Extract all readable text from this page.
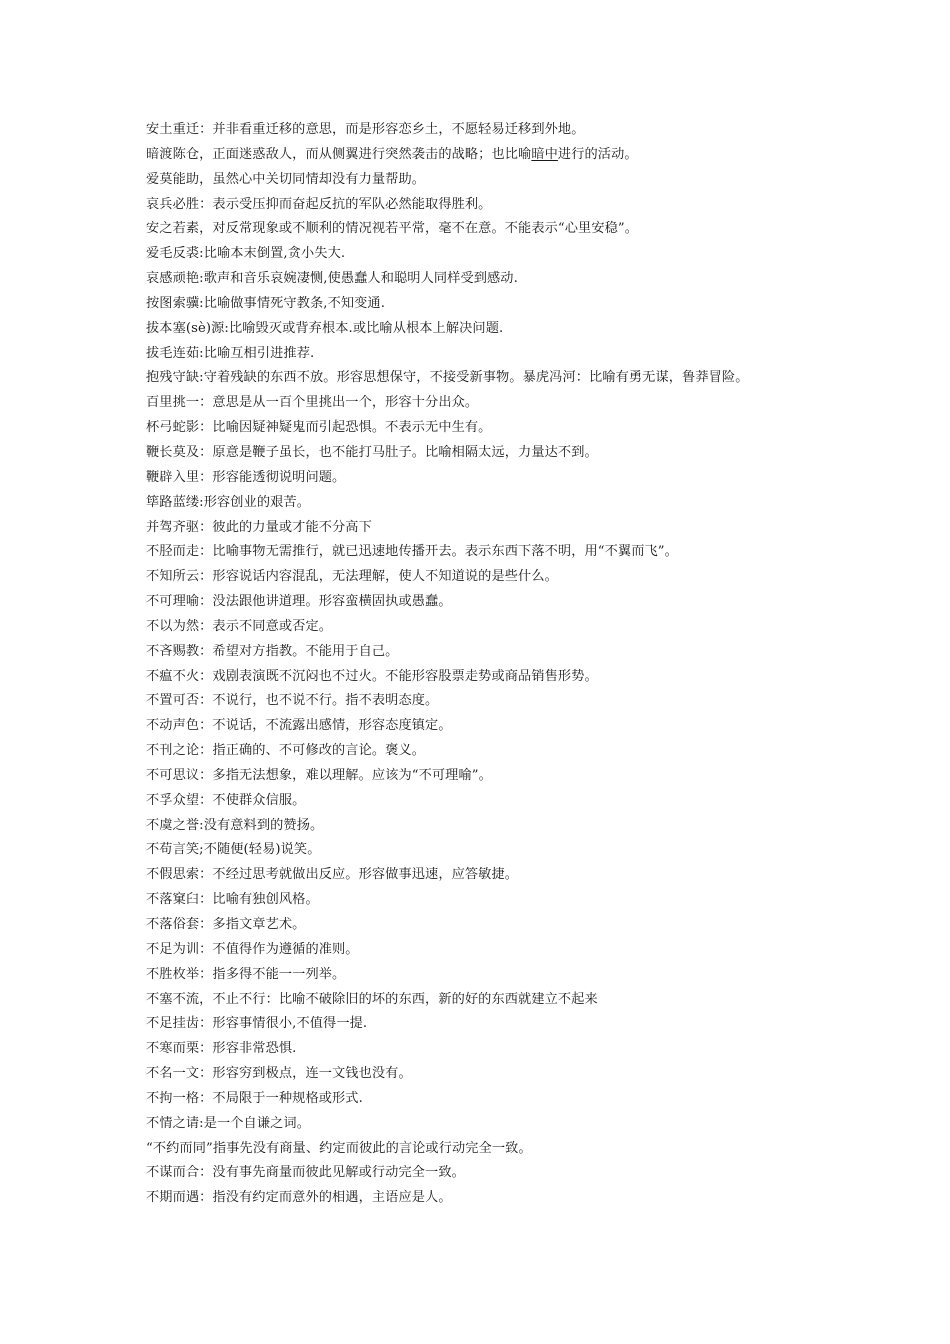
安土重迁：并非看重迁移的意思，而是形容恋乡土，不愿轻易迁移到外地。
暗渡陈仓，正面迷惑敌人，而从侧翼进行突然袭击的战略；也比喻暗中进行的活动。
爱莫能助，虽然心中关切同情却没有力量帮助。
哀兵必胜：表示受压抑而奋起反抗的军队必然能取得胜利。
安之若素，对反常现象或不顺利的情况视若平常，毫不在意。不能表示“心里安稳”。
爱毛反裘:比喻本末倒置,贪小失大.
哀感顽艳:歌声和音乐哀婉凄恻,使愚蠢人和聪明人同样受到感动.
按图索骥:比喻做事情死守教条,不知变通.
拔本塞(sè)源:比喻毁灭或背弃根本.或比喻从根本上解决问题.
拔毛连茹:比喻互相引进推荐.
抱残守缺:守着残缺的东西不放。形容思想保守，不接受新事物。暴虎冯河：比喻有勇无谋，鲁莽冒险。
百里挑一：意思是从一百个里挑出一个，形容十分出众。
杯弓蛇影：比喻因疑神疑鬼而引起恐惧。不表示无中生有。
鞭长莫及：原意是鞭子虽长，也不能打马肚子。比喻相隔太远，力量达不到。
鞭辟入里：形容能透彻说明问题。
筚路蓝缕:形容创业的艰苦。
并驾齐驱：彼此的力量或才能不分高下
不胫而走：比喻事物无需推行，就已迅速地传播开去。表示东西下落不明，用“不翼而飞”。
不知所云：形容说话内容混乱，无法理解，使人不知道说的是些什么。
不可理喻：没法跟他讲道理。形容蛮横固执或愚蠢。
不以为然：表示不同意或否定。
不吝赐教：希望对方指教。不能用于自己。
不瘟不火：戏剧表演既不沉闷也不过火。不能形容股票走势或商品销售形势。
不置可否：不说行，也不说不行。指不表明态度。
不动声色：不说话，不流露出感情，形容态度镇定。
不刊之论：指正确的、不可修改的言论。褒义。
不可思议：多指无法想象，难以理解。应该为“不可理喻”。
不孚众望：不使群众信服。
不虞之誉:没有意料到的赞扬。
不苟言笑;不随便(轻易)说笑。
不假思索：不经过思考就做出反应。形容做事迅速，应答敏捷。
不落窠臼：比喻有独创风格。
不落俗套：多指文章艺术。
不足为训：不值得作为遵循的准则。
不胜枚举：指多得不能一一列举。
不塞不流，不止不行：比喻不破除旧的坏的东西，新的好的东西就建立不起来
不足挂齿：形容事情很小,不值得一提.
不寒而栗：形容非常恐惧.
不名一文：形容穷到极点，连一文钱也没有。
不拘一格：不局限于一种规格或形式.
不情之请:是一个自谦之词。
“不约而同”指事先没有商量、约定而彼此的言论或行动完全一致。
不谋而合：没有事先商量而彼此见解或行动完全一致。
不期而遇：指没有约定而意外的相遇，主语应是人。
